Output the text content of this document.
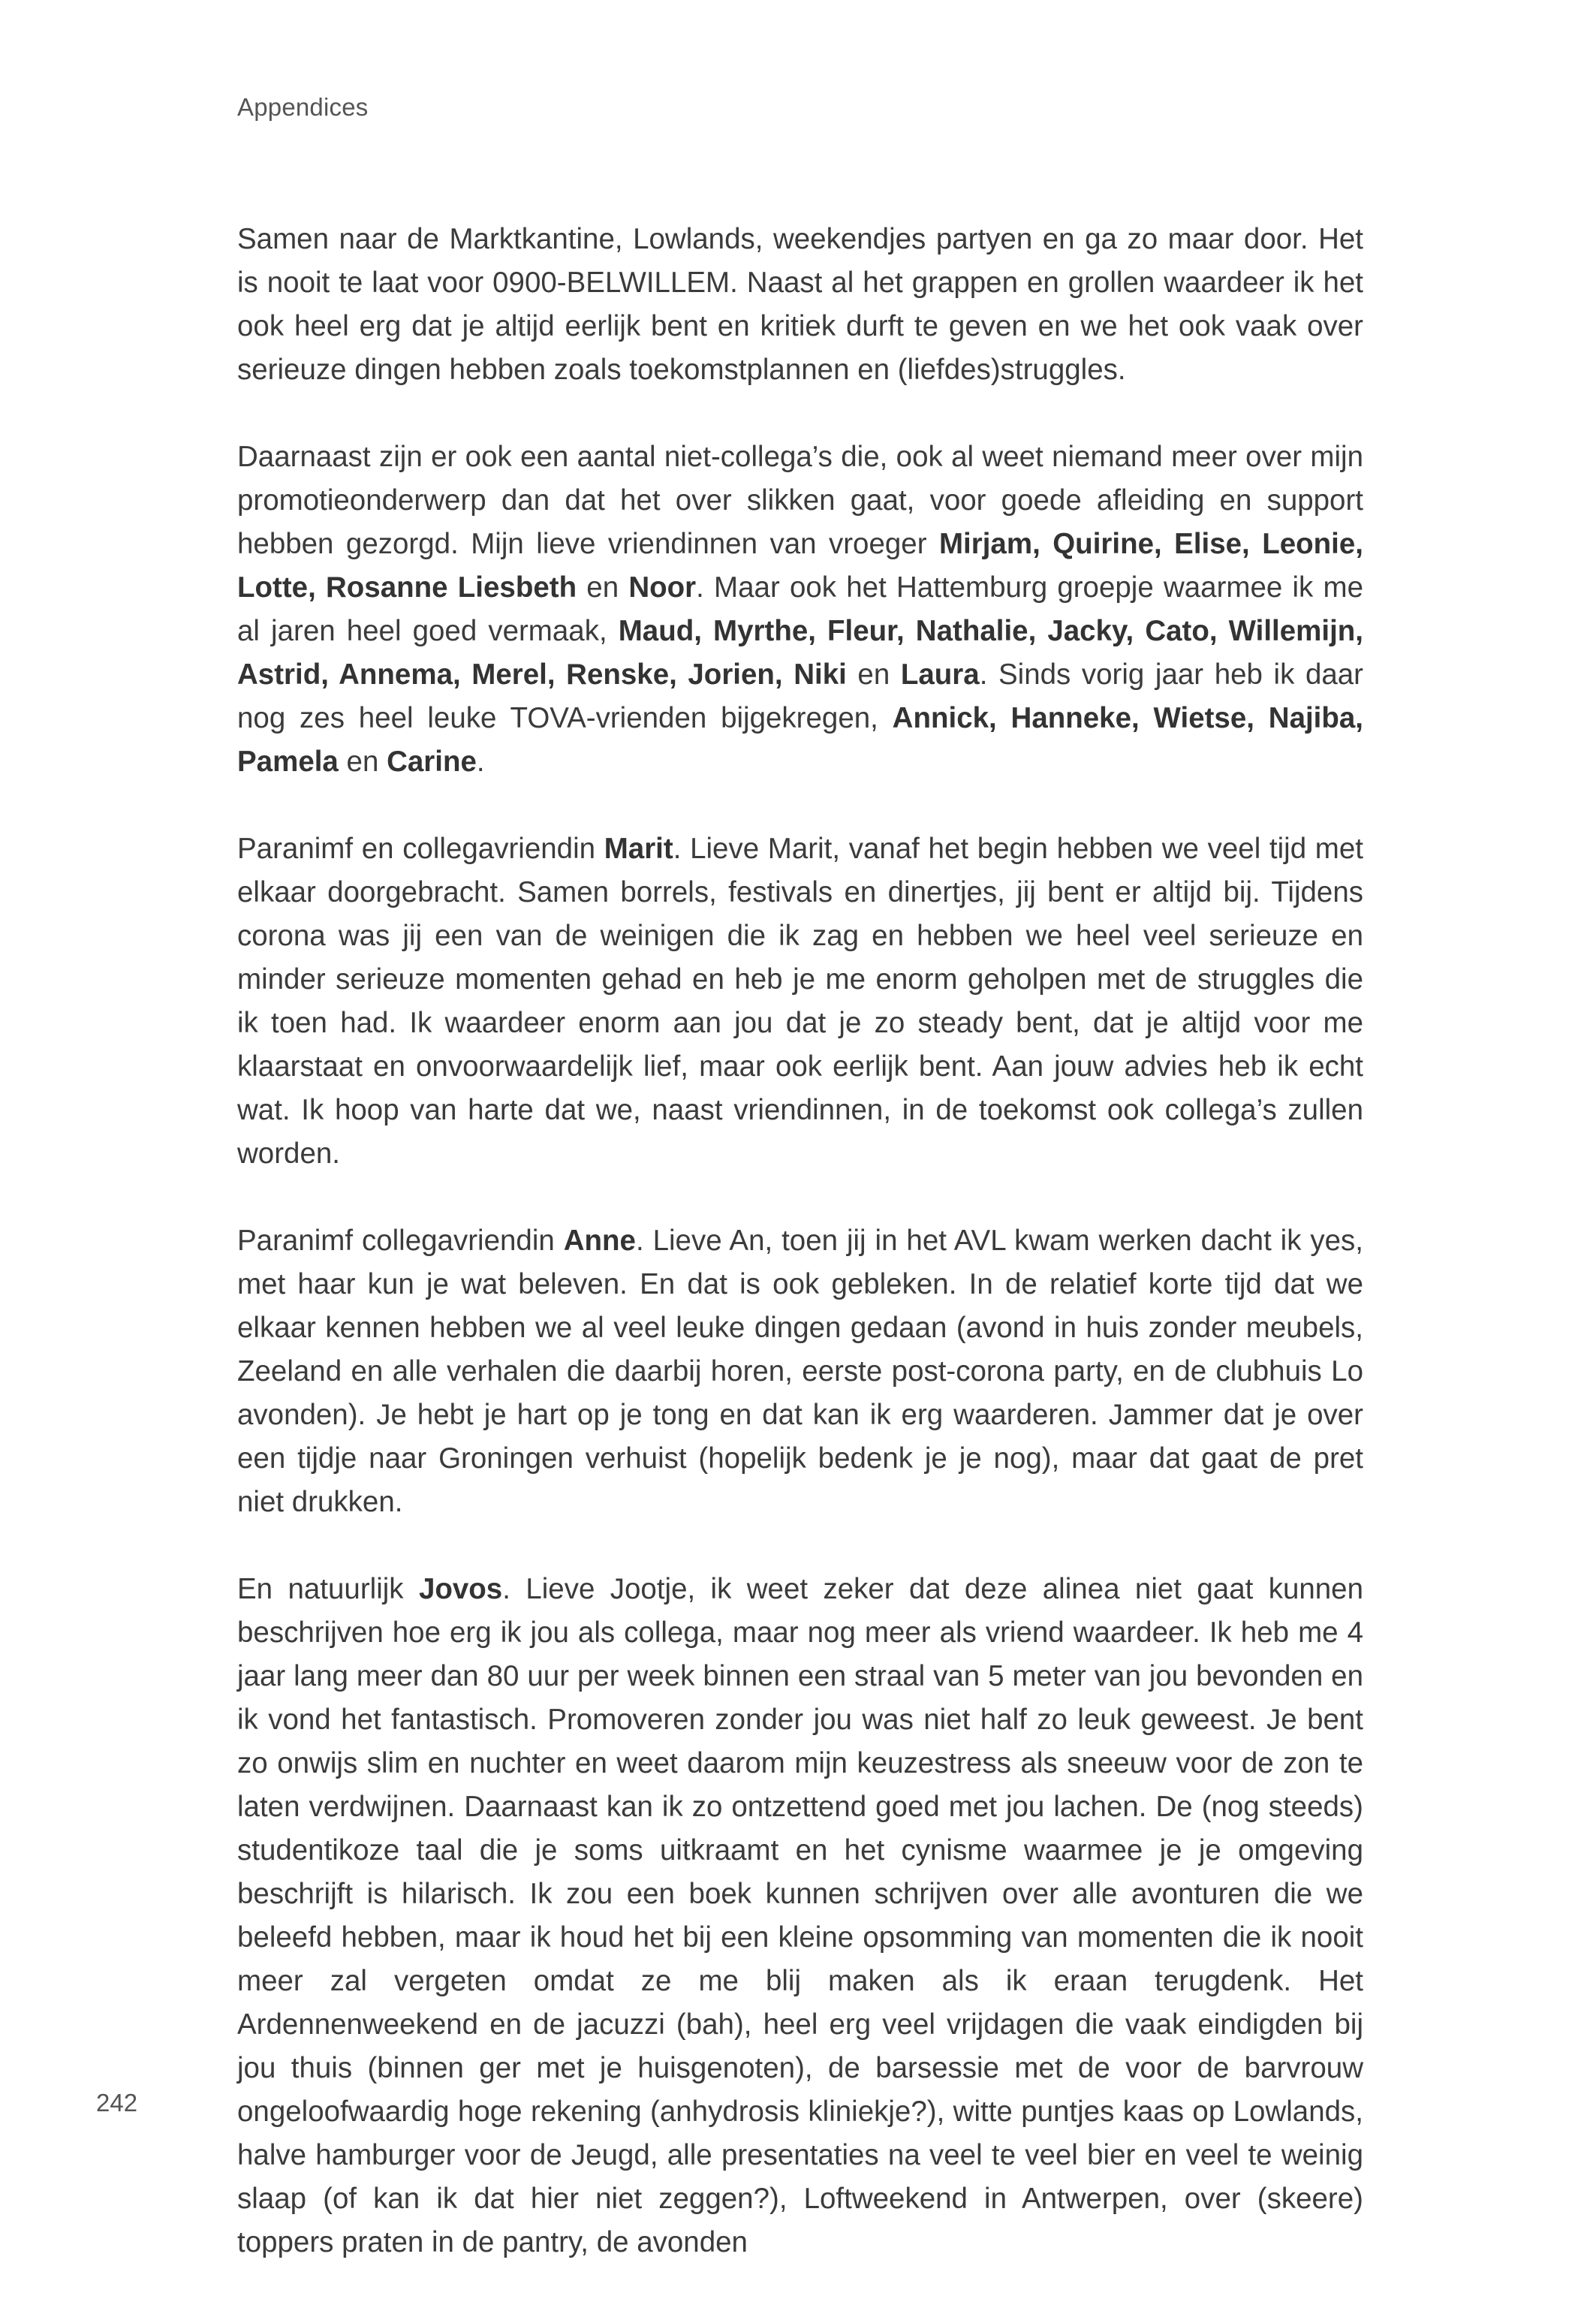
Appendices

Samen naar de Marktkantine, Lowlands, weekendjes partyen en ga zo maar door. Het is nooit te laat voor 0900-BELWILLEM. Naast al het grappen en grollen waardeer ik het ook heel erg dat je altijd eerlijk bent en kritiek durft te geven en we het ook vaak over serieuze dingen hebben zoals toekomstplannen en (liefdes)struggles.

Daarnaast zijn er ook een aantal niet-collega’s die, ook al weet niemand meer over mijn promotieonderwerp dan dat het over slikken gaat, voor goede afleiding en support hebben gezorgd. Mijn lieve vriendinnen van vroeger Mirjam, Quirine, Elise, Leonie, Lotte, Rosanne Liesbeth en Noor. Maar ook het Hattemburg groepje waarmee ik me al jaren heel goed vermaak, Maud, Myrthe, Fleur, Nathalie, Jacky, Cato, Willemijn, Astrid, Annema, Merel, Renske, Jorien, Niki en Laura. Sinds vorig jaar heb ik daar nog zes heel leuke TOVA-vrienden bijgekregen, Annick, Hanneke, Wietse, Najiba, Pamela en Carine.

Paranimf en collegavriendin Marit. Lieve Marit, vanaf het begin hebben we veel tijd met elkaar doorgebracht. Samen borrels, festivals en dinertjes, jij bent er altijd bij. Tijdens corona was jij een van de weinigen die ik zag en hebben we heel veel serieuze en minder serieuze momenten gehad en heb je me enorm geholpen met de struggles die ik toen had. Ik waardeer enorm aan jou dat je zo steady bent, dat je altijd voor me klaarstaat en onvoorwaardelijk lief, maar ook eerlijk bent. Aan jouw advies heb ik echt wat. Ik hoop van harte dat we, naast vriendinnen, in de toekomst ook collega’s zullen worden.

Paranimf collegavriendin Anne. Lieve An, toen jij in het AVL kwam werken dacht ik yes, met haar kun je wat beleven. En dat is ook gebleken. In de relatief korte tijd dat we elkaar kennen hebben we al veel leuke dingen gedaan (avond in huis zonder meubels, Zeeland en alle verhalen die daarbij horen, eerste post-corona party, en de clubhuis Lo avonden). Je hebt je hart op je tong en dat kan ik erg waarderen. Jammer dat je over een tijdje naar Groningen verhuist (hopelijk bedenk je je nog), maar dat gaat de pret niet drukken.

En natuurlijk Jovos. Lieve Jootje, ik weet zeker dat deze alinea niet gaat kunnen beschrijven hoe erg ik jou als collega, maar nog meer als vriend waardeer. Ik heb me 4 jaar lang meer dan 80 uur per week binnen een straal van 5 meter van jou bevonden en ik vond het fantastisch. Promoveren zonder jou was niet half zo leuk geweest. Je bent zo onwijs slim en nuchter en weet daarom mijn keuzestress als sneeuw voor de zon te laten verdwijnen. Daarnaast kan ik zo ontzettend goed met jou lachen. De (nog steeds) studentikoze taal die je soms uitkraamt en het cynisme waarmee je je omgeving beschrijft is hilarisch. Ik zou een boek kunnen schrijven over alle avonturen die we beleefd hebben, maar ik houd het bij een kleine opsomming van momenten die ik nooit meer zal vergeten omdat ze me blij maken als ik eraan terugdenk. Het Ardennenweekend en de jacuzzi (bah), heel erg veel vrijdagen die vaak eindigden bij jou thuis (binnen ger met je huisgenoten), de barsessie met de voor de barvrouw ongeloofwaardig hoge rekening (anhydrosis kliniekje?), witte puntjes kaas op Lowlands, halve hamburger voor de Jeugd, alle presentaties na veel te veel bier en veel te weinig slaap (of kan ik dat hier niet zeggen?), Loftweekend in Antwerpen, over (skeere) toppers praten in de pantry, de avonden

242
